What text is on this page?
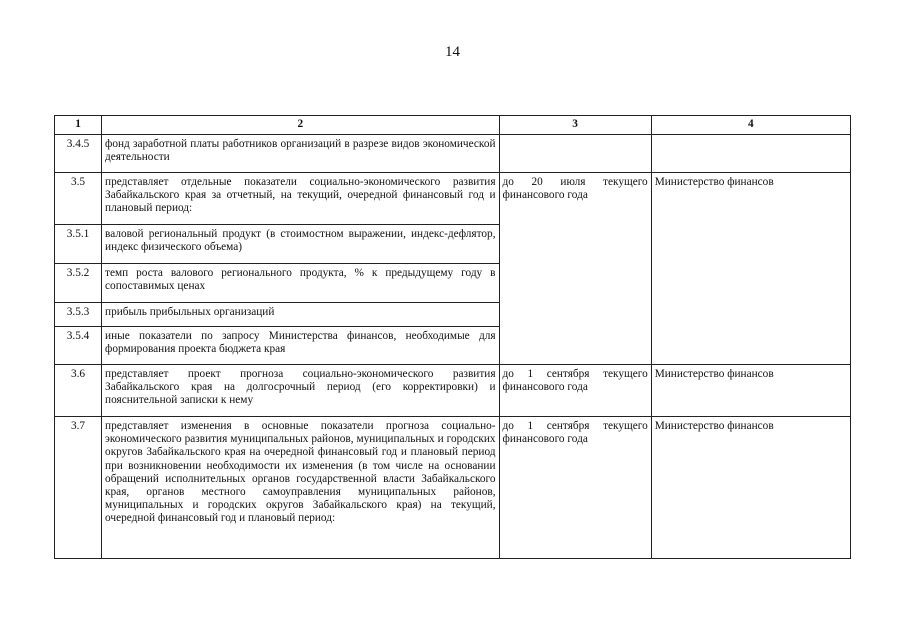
14
1	2	3	4
3.4.5	фонд заработной платы работников организаций в разрезе видов экономической деятельности		
3.5	представляет отдельные показатели социально-экономического развития Забайкальского края за отчетный, на текущий, очередной финансовый год и плановый период:	до 20 июля текущего финансового года	Министерство финансов
3.5.1	валовой региональный продукт (в стоимостном выражении, индекс-дефлятор, индекс физического объема)		
3.5.2	темп роста валового регионального продукта, % к предыдущему году в сопоставимых ценах		
3.5.3	прибыль прибыльных организаций		
3.5.4	иные показатели по запросу Министерства финансов, необходимые для формирования проекта бюджета края		
3.6	представляет проект прогноза социально-экономического развития Забайкальского края на долгосрочный период (его корректировки) и пояснительной записки к нему	до 1 сентября текущего финансового года	Министерство финансов
3.7	представляет изменения в основные показатели прогноза социально-экономического развития муниципальных районов, муниципальных и городских округов Забайкальского края на очередной финансовый год и плановый период при возникновении необходимости их изменения (в том числе на основании обращений исполнительных органов государственной власти Забайкальского края, органов местного самоуправления муниципальных районов, муниципальных и городских округов Забайкальского края) на текущий, очередной финансовый год и плановый период:	до 1 сентября текущего финансового года	Министерство финансов
